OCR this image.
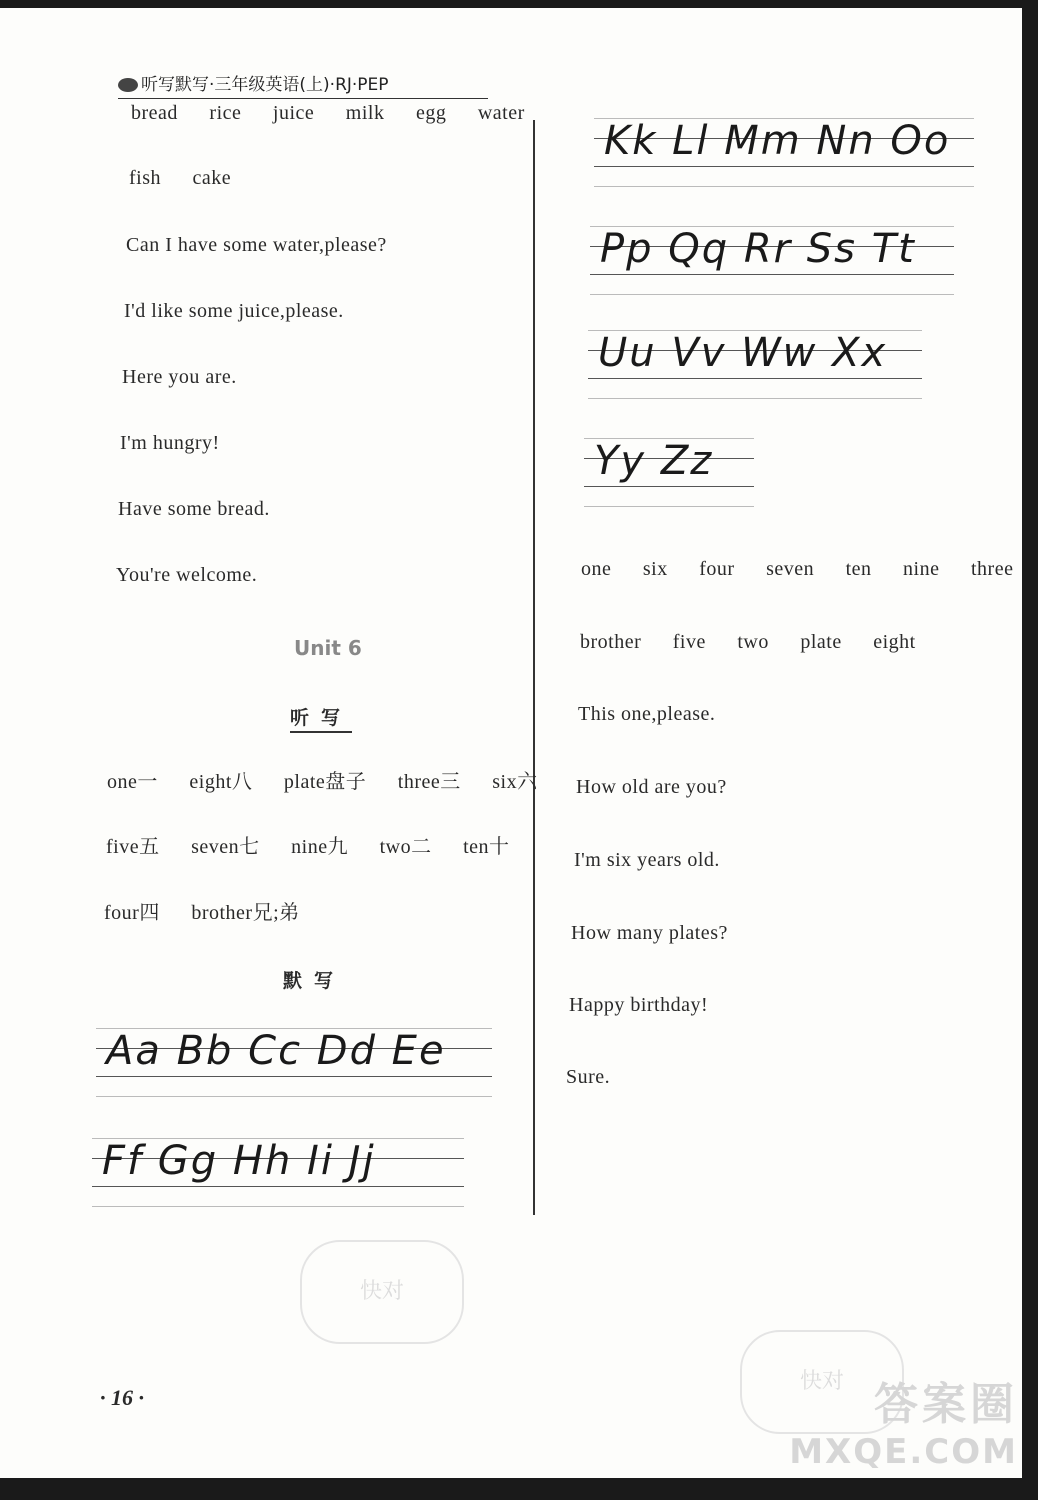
听写默写·三年级英语(上)·RJ·PEP
bread rice juice milk egg water
fish cake
Can I have some water,please?
I'd like some juice,please.
Here you are.
I'm hungry!
Have some bread.
You're welcome.
Unit 6
听写
one一 eight八 plate盘子 three三 six六
five五 seven七 nine九 two二 ten十
four四 brother兄;弟
默写
Aa Bb Cc Dd Ee
Ff Gg Hh Ii Jj
Kk Ll Mm Nn Oo
Pp Qq Rr Ss Tt
Uu Vv Ww Xx
Yy Zz
one six four seven ten nine three
brother five two plate eight
This one,please.
How old are you?
I'm six years old.
How many plates?
Happy birthday!
Sure.
· 16 ·
快对
快对 答案圈
MXQE.COM
